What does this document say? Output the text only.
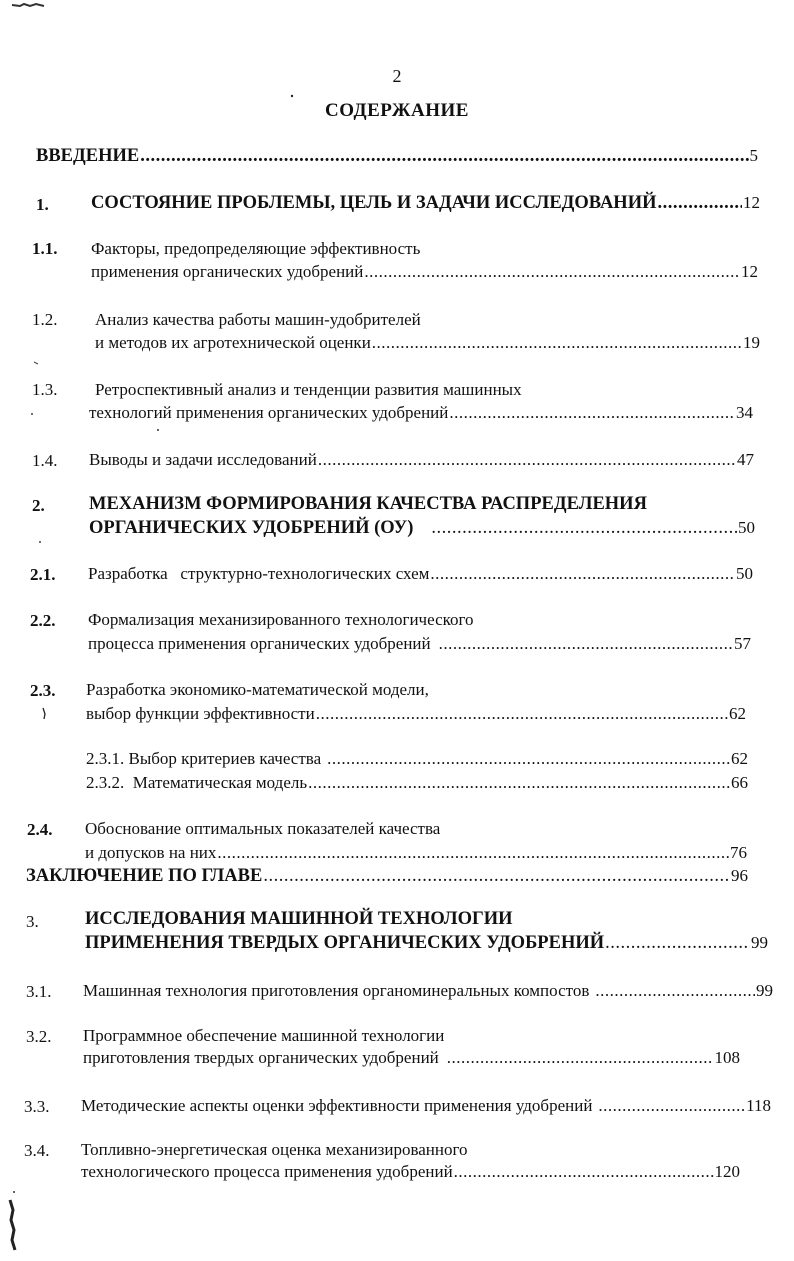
2
СОДЕРЖАНИЕ
ВВЕДЕНИЕ .....	5
1. СОСТОЯНИЕ ПРОБЛЕМЫ, ЦЕЛЬ И ЗАДАЧИ ИССЛЕДОВАНИЙ .....	12
1.1. Факторы, предопределяющие эффективность
применения органических удобрений .....	12
1.2. Анализ качества работы машин-удобрителей
и методов их агротехнической оценки .....	19
1.3. Ретроспективный анализ и тенденции развития машинных
технологий применения органических удобрений .....	34
1.4. Выводы и задачи исследований .....	47
2. МЕХАНИЗМ ФОРМИРОВАНИЯ КАЧЕСТВА РАСПРЕДЕЛЕНИЯ
ОРГАНИЧЕСКИХ УДОБРЕНИЙ (ОУ) .....	50
2.1. Разработка   структурно-технологических схем .....	50
2.2. Формализация механизированного технологического
процесса применения органических удобрений .....	57
2.3. Разработка экономико-математической модели,
выбор функции эффективности .....	62
2.3.1. Выбор критериев качества .....	62
2.3.2.  Математическая модель .....	66
2.4. Обоснование оптимальных показателей качества
и допусков на них .....	76
ЗАКЛЮЧЕНИЕ ПО ГЛАВЕ .....	96
3.	ИССЛЕДОВАНИЯ МАШИННОЙ ТЕХНОЛОГИИ
ПРИМЕНЕНИЯ ТВЕРДЫХ ОРГАНИЧЕСКИХ УДОБРЕНИЙ .....	99
3.1. Машинная технология приготовления органоминеральных компостов .....	99
3.2. Программное обеспечение машинной технологии
приготовления твердых органических удобрений .....	108
3.3. Методические аспекты оценки эффективности применения удобрений .....	118
3.4. Топливно-энергетическая оценка механизированного
технологического процесса применения удобрений .....	120
